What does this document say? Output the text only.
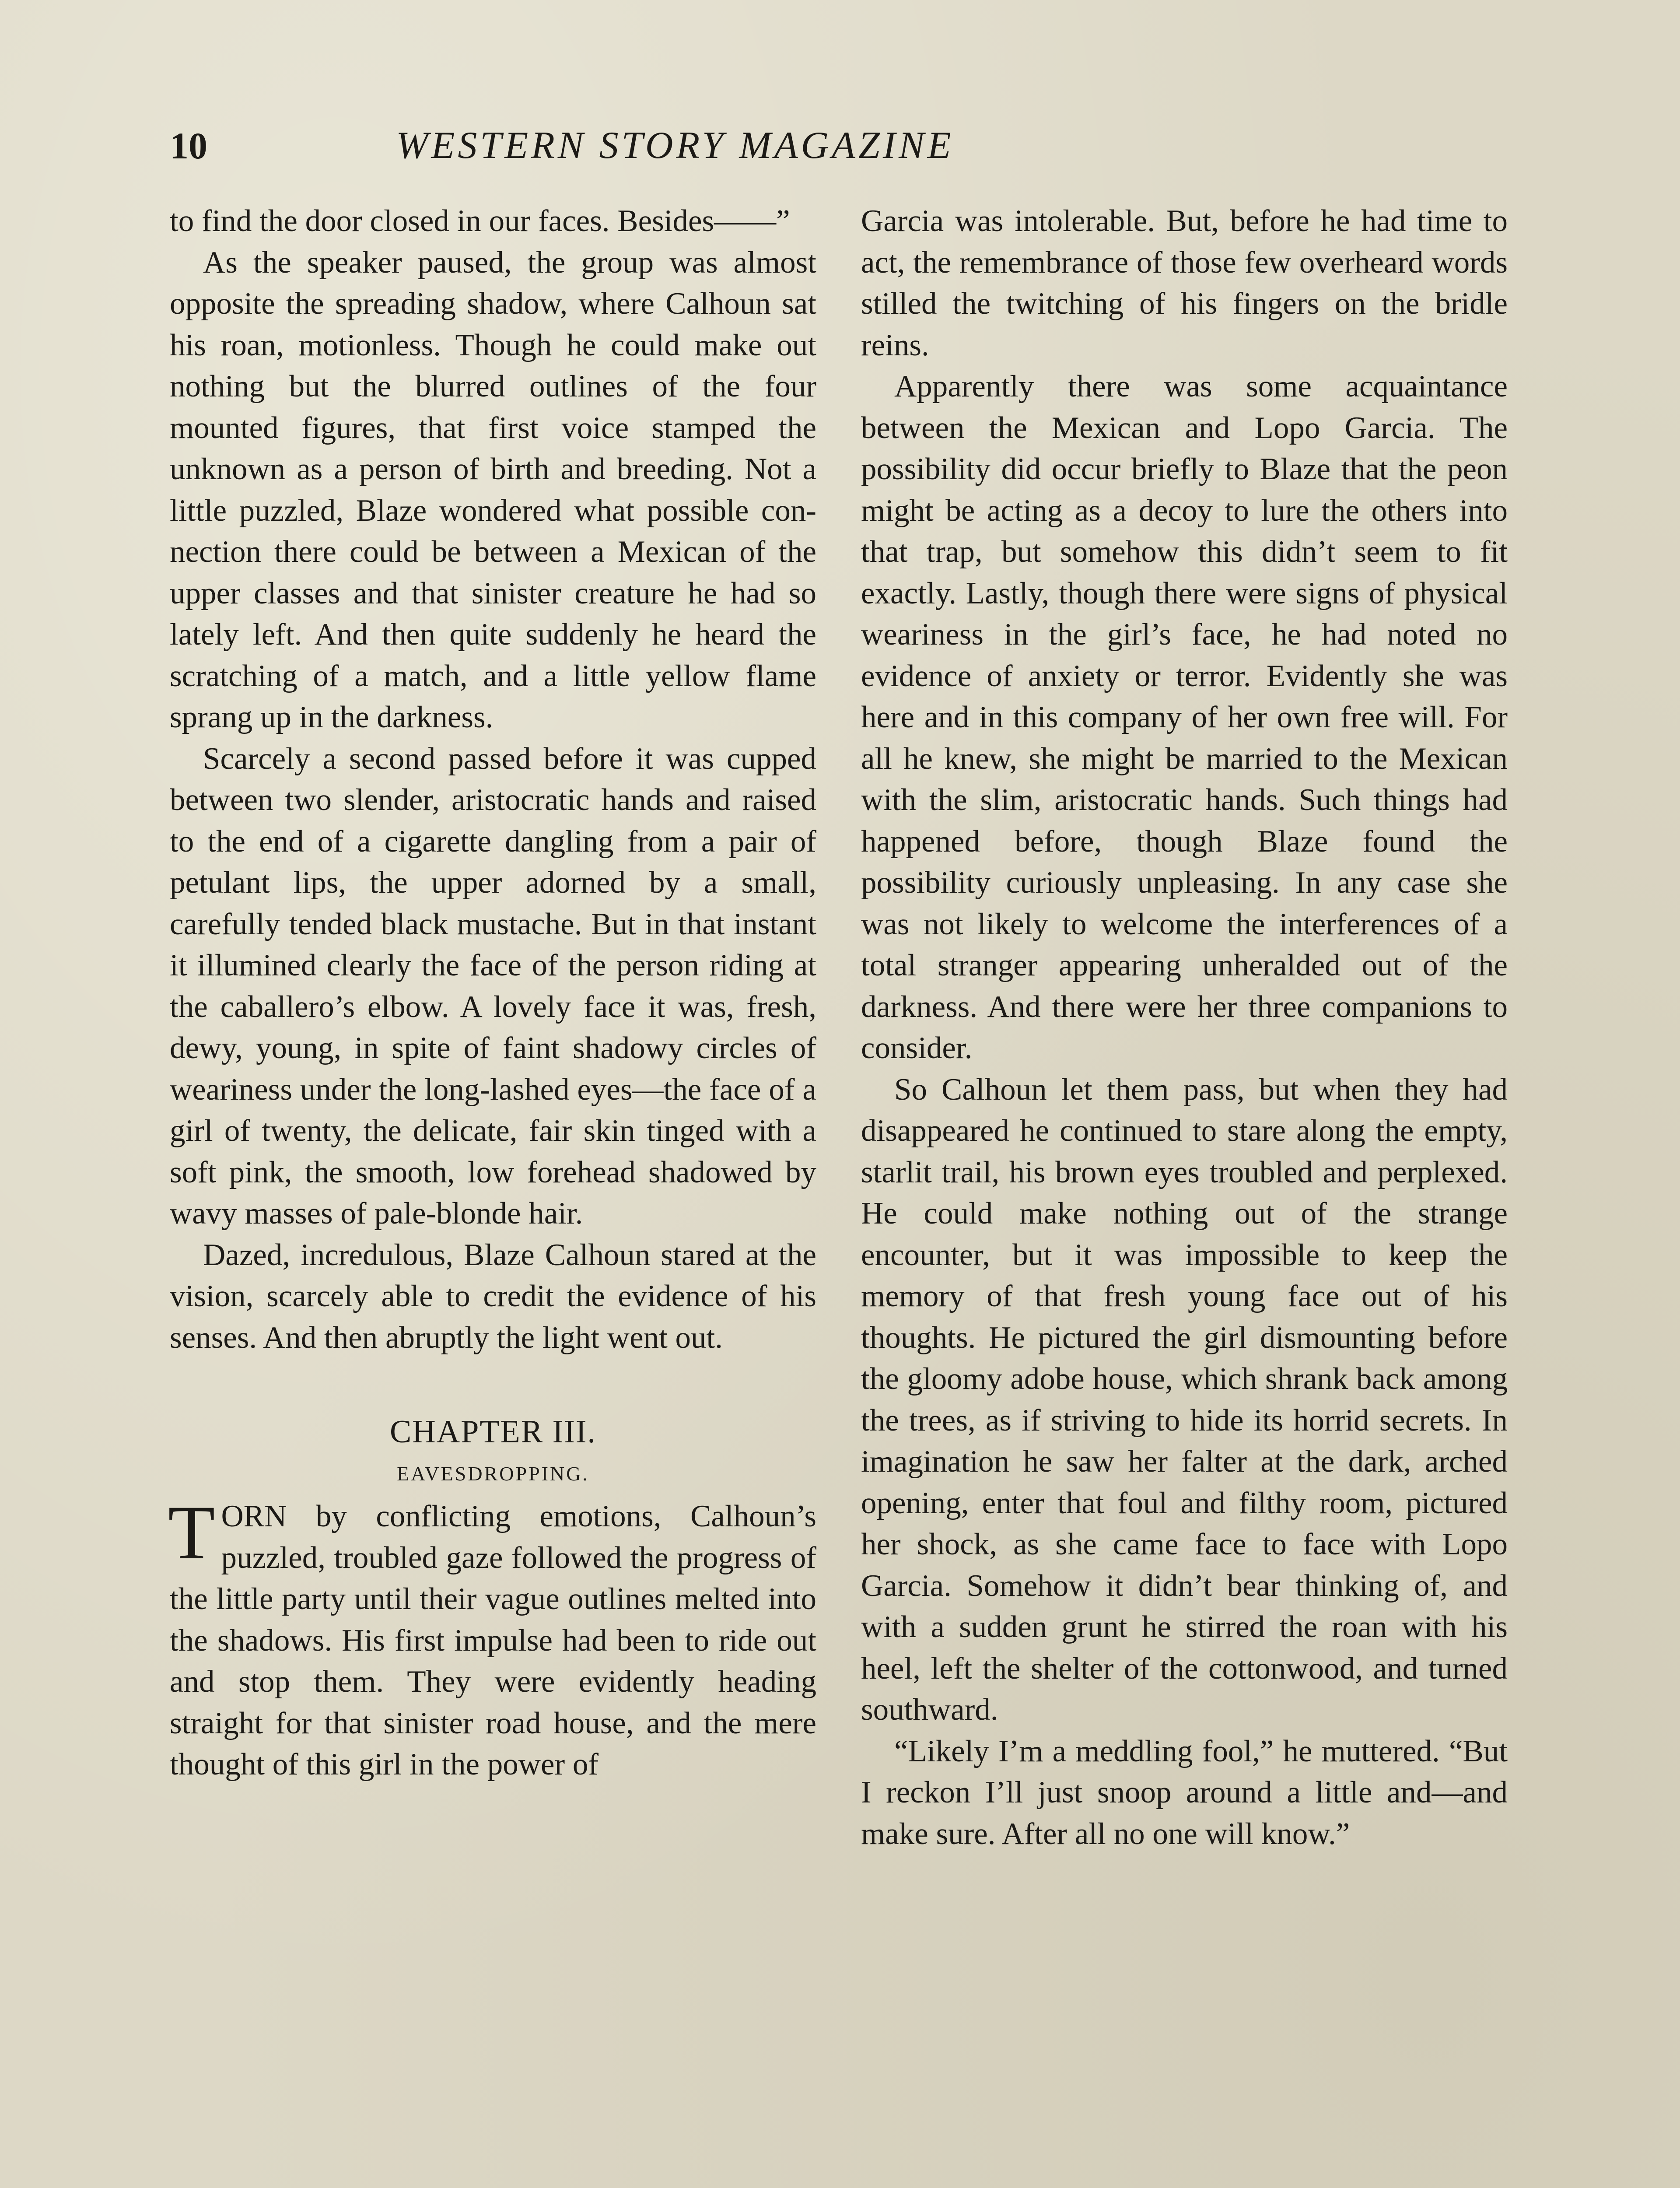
10	WESTERN STORY MAGAZINE

to find the door closed in our faces. Besides——”

As the speaker paused, the group was almost opposite the spreading shadow, where Calhoun sat his roan, motionless. Though he could make out nothing but the blurred outlines of the four mounted figures, that first voice stamped the unknown as a person of birth and breeding. Not a little puzzled, Blaze wondered what possible connection there could be between a Mexican of the upper classes and that sinister creature he had so lately left. And then quite suddenly he heard the scratching of a match, and a little yellow flame sprang up in the darkness.

Scarcely a second passed before it was cupped between two slender, aristocratic hands and raised to the end of a cigarette dangling from a pair of petulant lips, the upper adorned by a small, carefully tended black mustache. But in that instant it illumined clearly the face of the person riding at the caballero’s elbow. A lovely face it was, fresh, dewy, young, in spite of faint shadowy circles of weariness under the long-lashed eyes—the face of a girl of twenty, the delicate, fair skin tinged with a soft pink, the smooth, low forehead shadowed by wavy masses of pale-blonde hair.

Dazed, incredulous, Blaze Calhoun stared at the vision, scarcely able to credit the evidence of his senses. And then abruptly the light went out.

CHAPTER III.
EAVESDROPPING.

TORN by conflicting emotions, Calhoun’s puzzled, troubled gaze followed the progress of the little party until their vague outlines melted into the shadows. His first impulse had been to ride out and stop them. They were evidently heading straight for that sinister road house, and the mere thought of this girl in the power of

Garcia was intolerable. But, before he had time to act, the remembrance of those few overheard words stilled the twitching of his fingers on the bridle reins.

Apparently there was some acquaintance between the Mexican and Lopo Garcia. The possibility did occur briefly to Blaze that the peon might be acting as a decoy to lure the others into that trap, but somehow this didn’t seem to fit exactly. Lastly, though there were signs of physical weariness in the girl’s face, he had noted no evidence of anxiety or terror. Evidently she was here and in this company of her own free will. For all he knew, she might be married to the Mexican with the slim, aristocratic hands. Such things had happened before, though Blaze found the possibility curiously unpleasing. In any case she was not likely to welcome the interferences of a total stranger appearing unheralded out of the darkness. And there were her three companions to consider.

So Calhoun let them pass, but when they had disappeared he continued to stare along the empty, starlit trail, his brown eyes troubled and perplexed. He could make nothing out of the strange encounter, but it was impossible to keep the memory of that fresh young face out of his thoughts. He pictured the girl dismounting before the gloomy adobe house, which shrank back among the trees, as if striving to hide its horrid secrets. In imagination he saw her falter at the dark, arched opening, enter that foul and filthy room, pictured her shock, as she came face to face with Lopo Garcia. Somehow it didn’t bear thinking of, and with a sudden grunt he stirred the roan with his heel, left the shelter of the cottonwood, and turned southward.

“Likely I’m a meddling fool,” he muttered. “But I reckon I’ll just snoop around a little and—and make sure. After all no one will know.”
